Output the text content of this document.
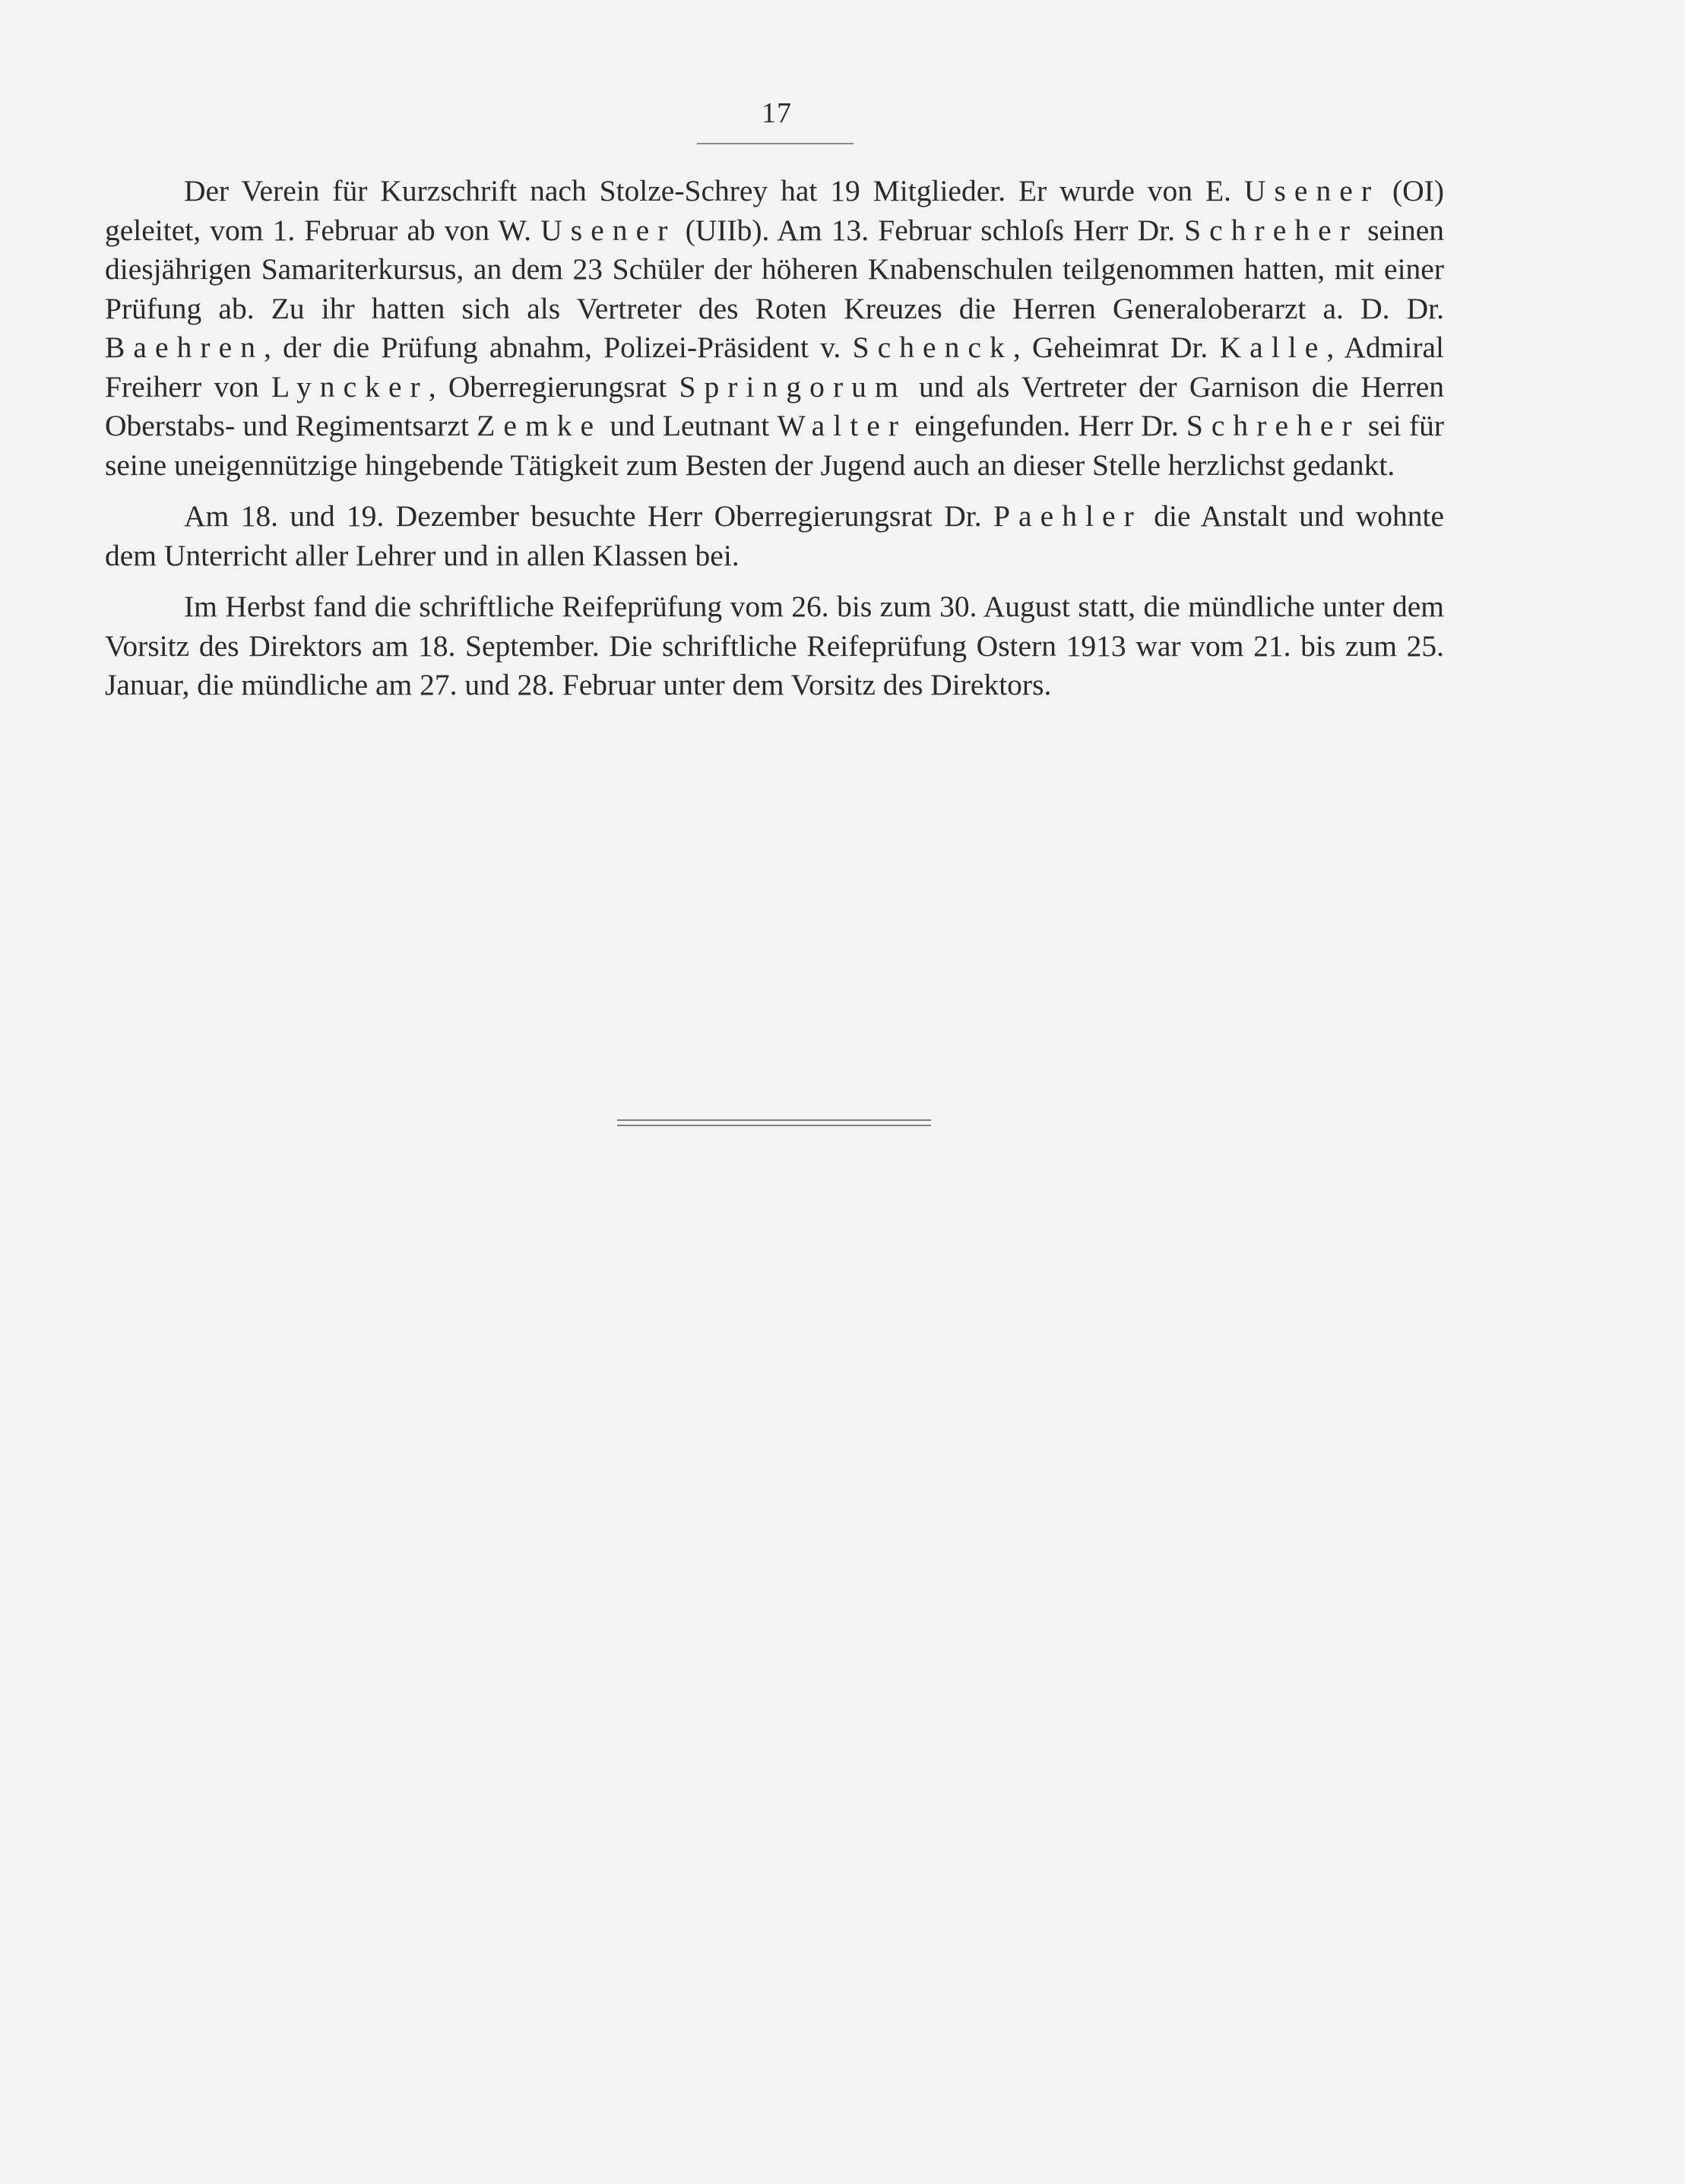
17

Der Verein für Kurzschrift nach Stolze-Schrey hat 19 Mitglieder. Er wurde von E. Usener (OI) geleitet, vom 1. Februar ab von W. Usener (UIIb). Am 13. Februar schloſs Herr Dr. Schreher seinen diesjährigen Samariterkursus, an dem 23 Schüler der höheren Knabenschulen teilgenommen hatten, mit einer Prüfung ab. Zu ihr hatten sich als Vertreter des Roten Kreuzes die Herren Generaloberarzt a. D. Dr. Baehren, der die Prüfung abnahm, Polizei-Präsident v. Schenck, Geheimrat Dr. Kalle, Admiral Freiherr von Lyncker, Oberregierungsrat Springorum und als Vertreter der Garnison die Herren Oberstabs- und Regimentsarzt Zemke und Leutnant Walter eingefunden. Herr Dr. Schreher sei für seine uneigennützige hingebende Tätigkeit zum Besten der Jugend auch an dieser Stelle herzlichst gedankt.

Am 18. und 19. Dezember besuchte Herr Oberregierungsrat Dr. Paehler die Anstalt und wohnte dem Unterricht aller Lehrer und in allen Klassen bei.

Im Herbst fand die schriftliche Reifeprüfung vom 26. bis zum 30. August statt, die mündliche unter dem Vorsitz des Direktors am 18. September. Die schriftliche Reifeprüfung Ostern 1913 war vom 21. bis zum 25. Januar, die mündliche am 27. und 28. Februar unter dem Vorsitz des Direktors.
